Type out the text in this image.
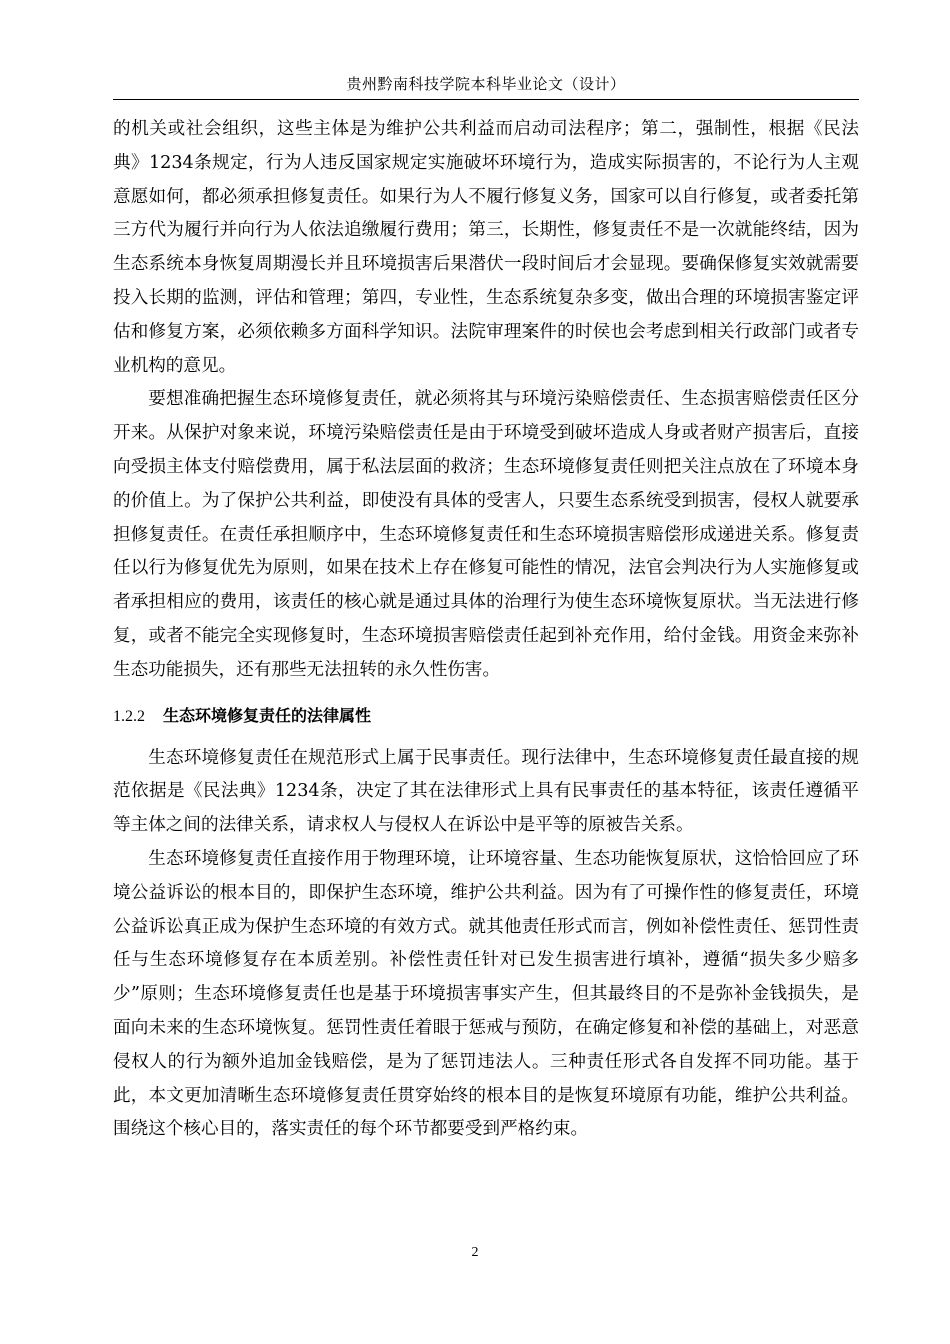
贵州黔南科技学院本科毕业论文（设计）

的机关或社会组织，这些主体是为维护公共利益而启动司法程序；第二，强制性，根据《民法典》1234条规定，行为人违反国家规定实施破坏环境行为，造成实际损害的，不论行为人主观意愿如何，都必须承担修复责任。如果行为人不履行修复义务，国家可以自行修复，或者委托第三方代为履行并向行为人依法追缴履行费用；第三，长期性，修复责任不是一次就能终结，因为生态系统本身恢复周期漫长并且环境损害后果潜伏一段时间后才会显现。要确保修复实效就需要投入长期的监测，评估和管理；第四，专业性，生态系统复杂多变，做出合理的环境损害鉴定评估和修复方案，必须依赖多方面科学知识。法院审理案件的时侯也会考虑到相关行政部门或者专业机构的意见。

要想准确把握生态环境修复责任，就必须将其与环境污染赔偿责任、生态损害赔偿责任区分开来。从保护对象来说，环境污染赔偿责任是由于环境受到破坏造成人身或者财产损害后，直接向受损主体支付赔偿费用，属于私法层面的救济；生态环境修复责任则把关注点放在了环境本身的价值上。为了保护公共利益，即使没有具体的受害人，只要生态系统受到损害，侵权人就要承担修复责任。在责任承担顺序中，生态环境修复责任和生态环境损害赔偿形成递进关系。修复责任以行为修复优先为原则，如果在技术上存在修复可能性的情况，法官会判决行为人实施修复或者承担相应的费用，该责任的核心就是通过具体的治理行为使生态环境恢复原状。当无法进行修复，或者不能完全实现修复时，生态环境损害赔偿责任起到补充作用，给付金钱。用资金来弥补生态功能损失，还有那些无法扭转的永久性伤害。

1.2.2 生态环境修复责任的法律属性

生态环境修复责任在规范形式上属于民事责任。现行法律中，生态环境修复责任最直接的规范依据是《民法典》1234条，决定了其在法律形式上具有民事责任的基本特征，该责任遵循平等主体之间的法律关系，请求权人与侵权人在诉讼中是平等的原被告关系。

生态环境修复责任直接作用于物理环境，让环境容量、生态功能恢复原状，这恰恰回应了环境公益诉讼的根本目的，即保护生态环境，维护公共利益。因为有了可操作性的修复责任，环境公益诉讼真正成为保护生态环境的有效方式。就其他责任形式而言，例如补偿性责任、惩罚性责任与生态环境修复存在本质差别。补偿性责任针对已发生损害进行填补，遵循“损失多少赔多少”原则；生态环境修复责任也是基于环境损害事实产生，但其最终目的不是弥补金钱损失，是面向未来的生态环境恢复。惩罚性责任着眼于惩戒与预防，在确定修复和补偿的基础上，对恶意侵权人的行为额外追加金钱赔偿，是为了惩罚违法人。三种责任形式各自发挥不同功能。基于此，本文更加清晰生态环境修复责任贯穿始终的根本目的是恢复环境原有功能，维护公共利益。围绕这个核心目的，落实责任的每个环节都要受到严格约束。

2
